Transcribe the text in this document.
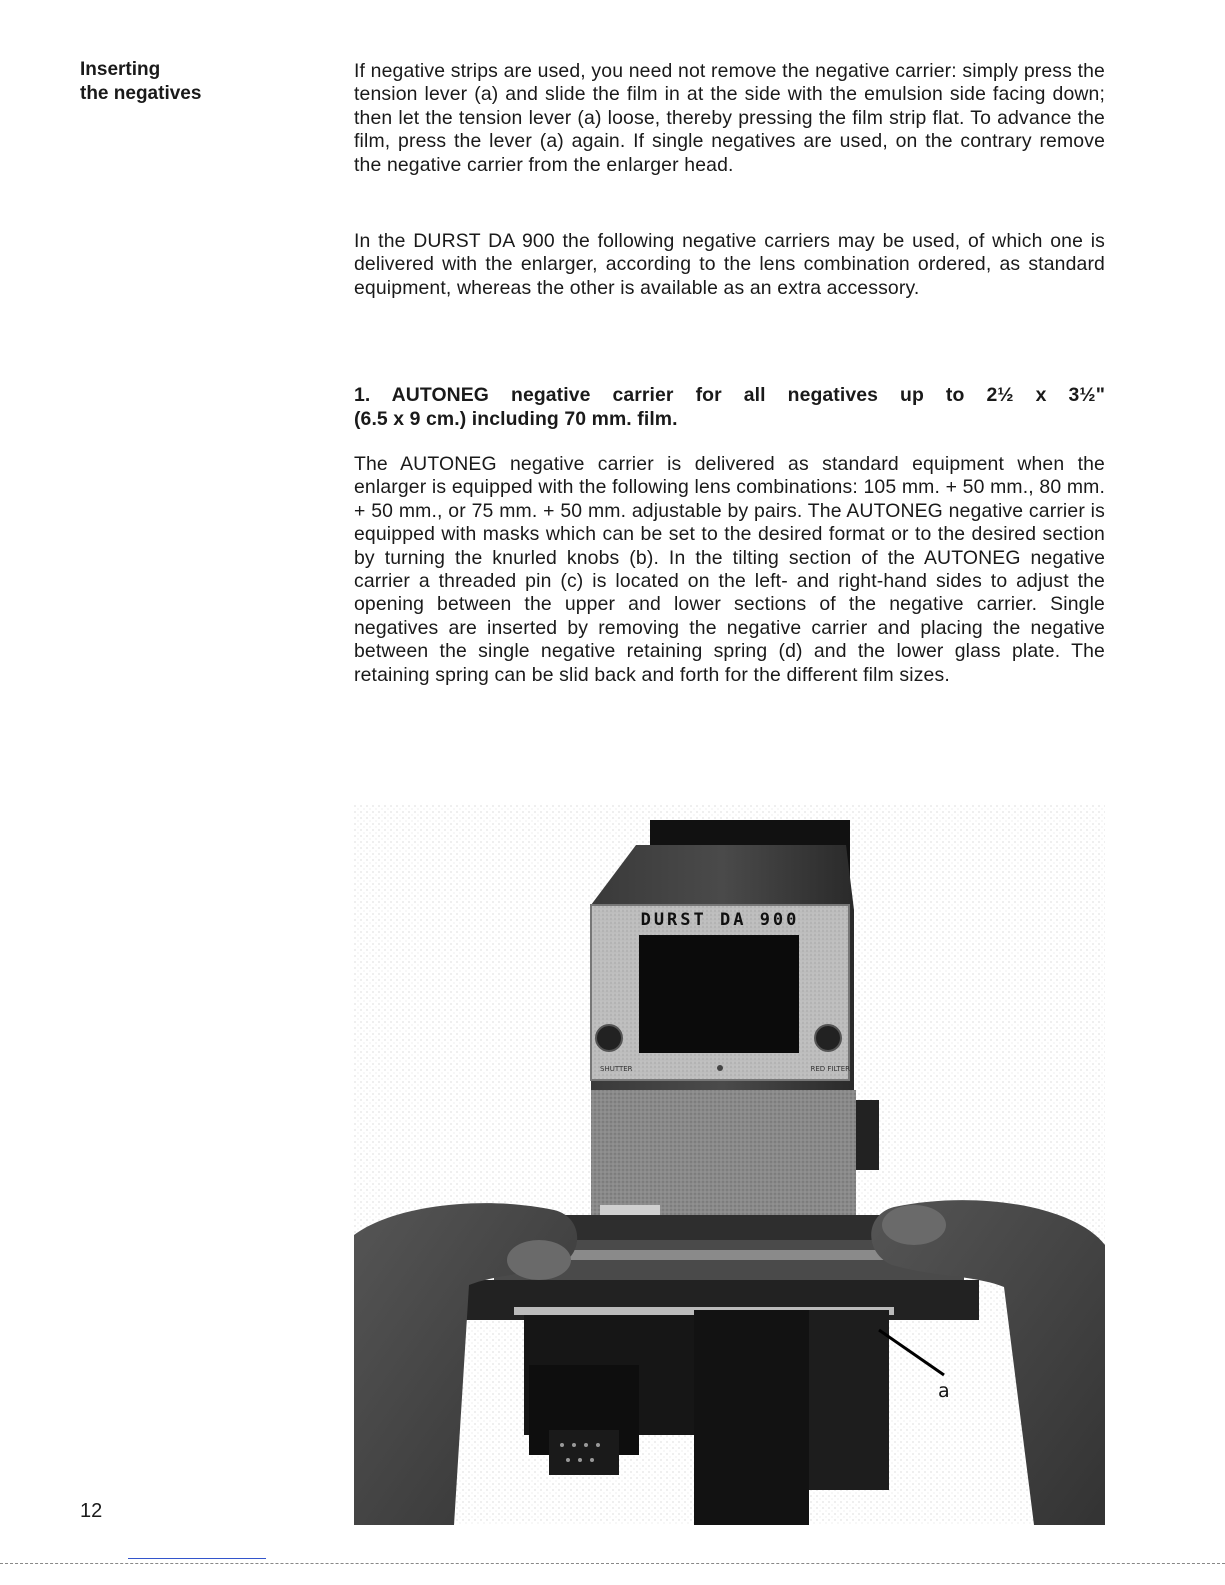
Inserting
the negatives

If negative strips are used, you need not remove the negative carrier: simply press the tension lever (a) and slide the film in at the side with the emulsion side facing down; then let the tension lever (a) loose, thereby pressing the film strip flat. To advance the film, press the lever (a) again. If single negatives are used, on the contrary remove the negative carrier from the enlarger head.

In the DURST DA 900 the following negative carriers may be used, of which one is delivered with the enlarger, according to the lens combination ordered, as standard equipment, whereas the other is available as an extra accessory.

1. AUTONEG negative carrier for all negatives up to 2½ x 3½"
(6.5 x 9 cm.) including 70 mm. film.

The AUTONEG negative carrier is delivered as standard equipment when the enlarger is equipped with the following lens combinations: 105 mm. + 50 mm., 80 mm. + 50 mm., or 75 mm. + 50 mm. adjustable by pairs. The AUTONEG negative carrier is equipped with masks which can be set to the desired format or to the desired section by turning the knurled knobs (b). In the tilting section of the AUTONEG negative carrier a threaded pin (c) is located on the left- and right-hand sides to adjust the opening between the upper and lower sections of the negative carrier. Single negatives are inserted by removing the negative carrier and placing the negative between the single negative retaining spring (d) and the lower glass plate. The retaining spring can be slid back and forth for the different film sizes.

DURST DA 900
SHUTTER	RED FILTER
a

12
